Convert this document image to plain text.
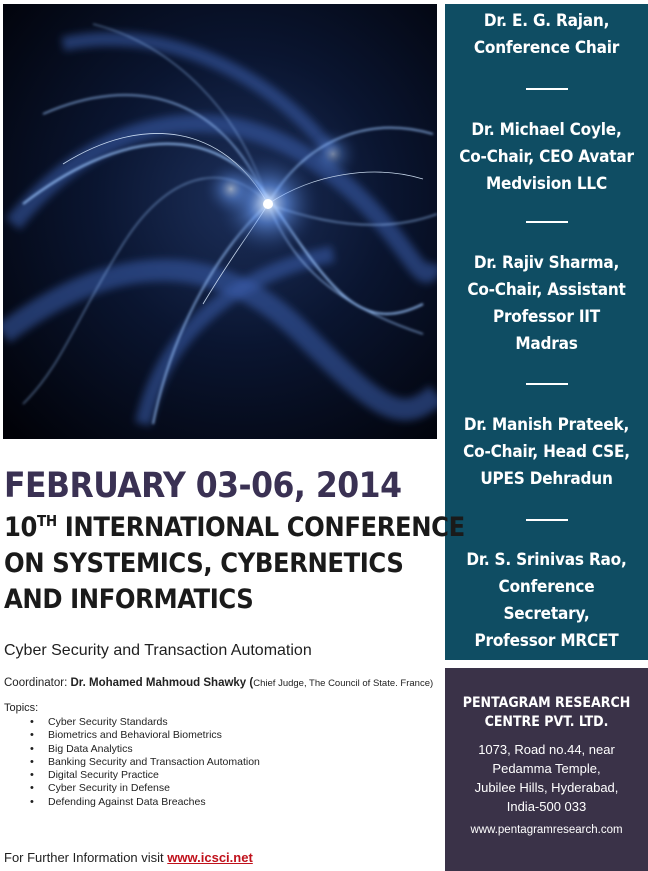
Dr. E. G. Rajan,
Conference Chair
Dr. Michael Coyle,
Co-Chair, CEO Avatar
Medvision LLC
Dr. Rajiv Sharma,
Co-Chair, Assistant
Professor IIT
Madras
Dr. Manish Prateek,
Co-Chair, Head CSE,
UPES Dehradun
Dr. S. Srinivas Rao,
Conference
Secretary,
Professor MRCET
PENTAGRAM RESEARCH
CENTRE PVT. LTD.
1073, Road no.44, near
Pedamma Temple,
Jubilee Hills, Hyderabad,
India-500 033
www.pentagramresearch.com
FEBRUARY 03-06, 2014
10TH INTERNATIONAL CONFERENCE
ON SYSTEMICS, CYBERNETICS
AND INFORMATICS
Cyber Security and Transaction Automation
Coordinator: Dr. Mohamed Mahmoud Shawky (Chief Judge, The Council of State. France)
Topics:
• Cyber Security Standards
• Biometrics and Behavioral Biometrics
• Big Data Analytics
• Banking Security and Transaction Automation
• Digital Security Practice
• Cyber Security in Defense
• Defending Against Data Breaches
For Further Information visit www.icsci.net
